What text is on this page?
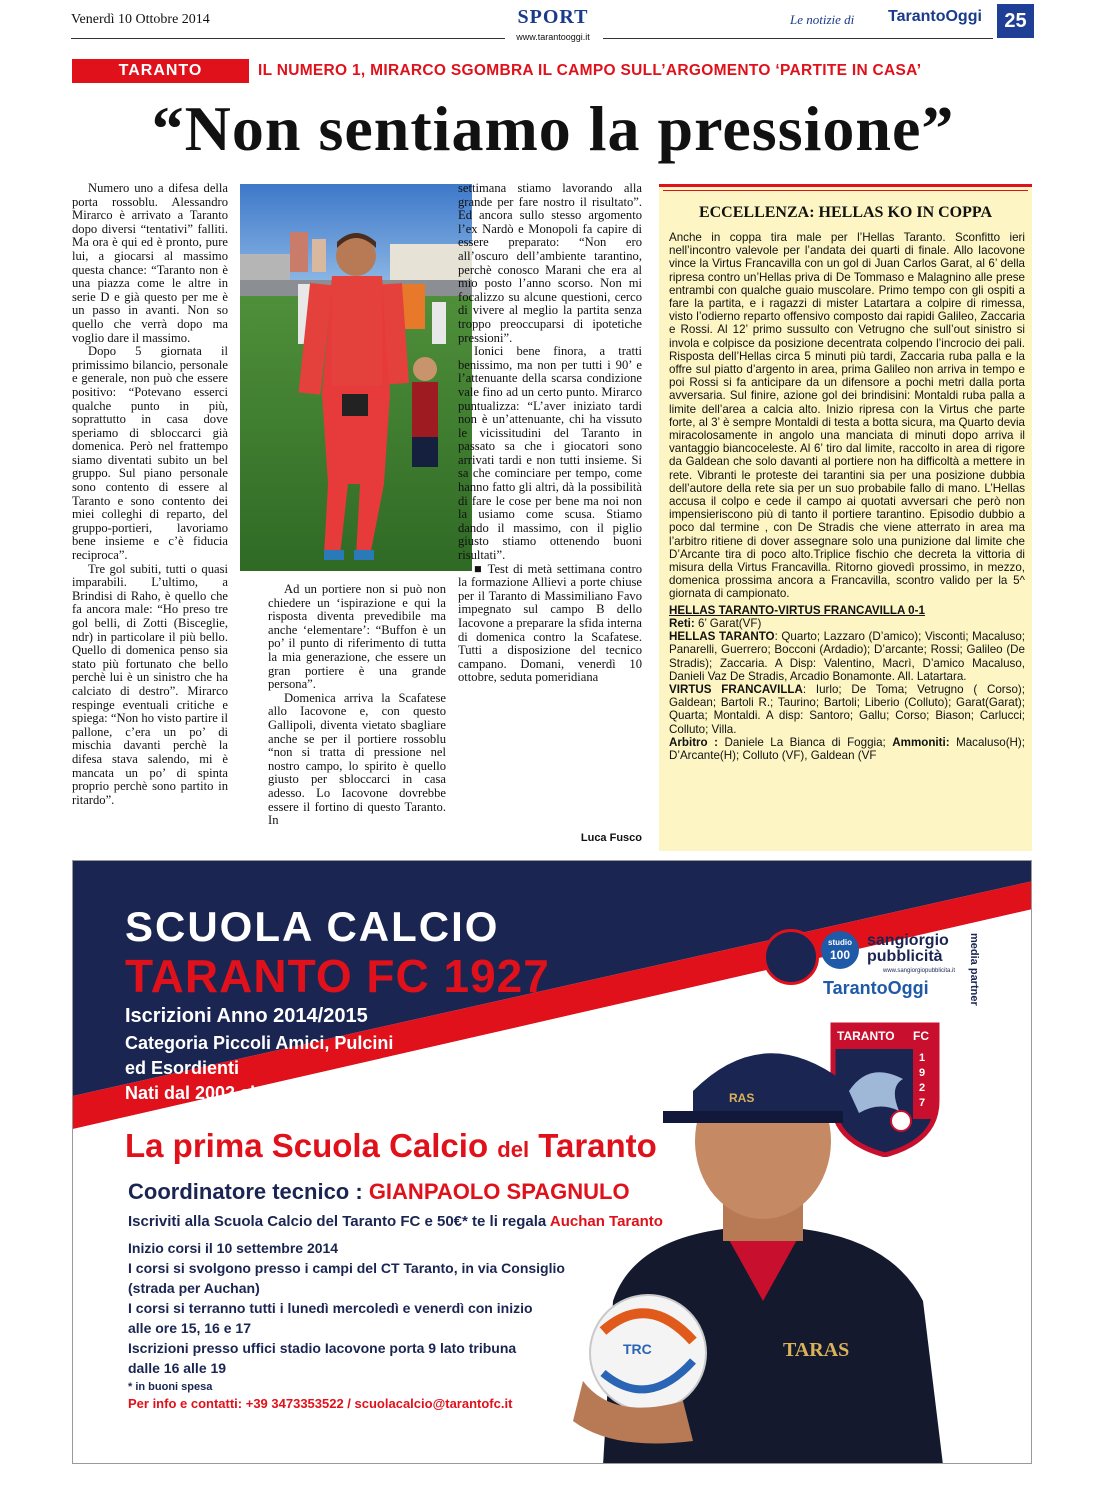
Venerdì 10 Ottobre 2014	SPORT
www.tarantooggi.it
Le notizie di TarantoOggi	25
TARANTO	IL NUMERO 1, MIRARCO SGOMBRA IL CAMPO SULL’ARGOMENTO ‘PARTITE IN CASA’
“Non sentiamo la pressione”

Numero uno a difesa della porta rossoblu. Alessandro Mirarco è arrivato a Taranto dopo diversi “tentativi” falliti. Ma ora è qui ed è pronto, pure lui, a giocarsi al massimo questa chance: “Taranto non è una piazza come le altre in serie D e già questo per me è un passo in avanti. Non so quello che verrà dopo ma voglio dare il massimo.

Dopo 5 giornata il primissimo bilancio, personale e generale, non può che essere positivo: “Potevano esserci qualche punto in più, soprattutto in casa dove speriamo di sbloccarci già domenica. Però nel frattempo siamo diventati subito un bel gruppo. Sul piano personale sono contento di essere al Taranto e sono contento dei miei colleghi di reparto, del gruppo-portieri, lavoriamo bene insieme e c’è fiducia reciproca”.

Tre gol subiti, tutti o quasi imparabili. L’ultimo, a Brindisi di Raho, è quello che fa ancora male: “Ho preso tre gol belli, di Zotti (Bisceglie, ndr) in particolare il più bello. Quello di domenica penso sia stato più fortunato che bello perchè lui è un sinistro che ha calciato di destro”. Mirarco respinge eventuali critiche e spiega: “Non ho visto partire il pallone, c’era un po’ di mischia davanti perchè la difesa stava salendo, mi è mancata un po’ di spinta proprio perchè sono partito in ritardo”.

Ad un portiere non si può non chiedere un ‘ispirazione e qui la risposta diventa prevedibile ma anche ‘elementare’: “Buffon è un po’ il punto di riferimento di tutta la mia generazione, che essere un gran portiere è una grande persona”.

Domenica arriva la Scafatese allo Iacovone e, con questo Gallipoli, diventa vietato sbagliare anche se per il portiere rossoblu “non si tratta di pressione nel nostro campo, lo spirito è quello giusto per sbloccarci in casa adesso. Lo Iacovone dovrebbe essere il fortino di questo Taranto. In

settimana stiamo lavorando alla grande per fare nostro il risultato”. Ed ancora sullo stesso argomento l’ex Nardò e Monopoli fa capire di essere preparato: “Non ero all’oscuro dell’ambiente tarantino, perchè conosco Marani che era al mio posto l’anno scorso. Non mi focalizzo su alcune questioni, cerco di vivere al meglio la partita senza troppo preoccuparsi di ipotetiche pressioni”.

Ionici bene finora, a tratti benissimo, ma non per tutti i 90’ e l’attenuante della scarsa condizione vale fino ad un certo punto. Mirarco puntualizza: “L’aver iniziato tardi non è un’attenuante, chi ha vissuto le vicissitudini del Taranto in passato sa che i giocatori sono arrivati tardi e non tutti insieme. Si sa che cominciare per tempo, come hanno fatto gli altri, dà la possibilità di fare le cose per bene ma noi non la usiamo come scusa. Stiamo dando il massimo, con il piglio giusto stiamo ottenendo buoni risultati”.

■ Test di metà settimana contro la formazione Allievi a porte chiuse per il Taranto di Massimiliano Favo impegnato sul campo B dello Iacovone a preparare la sfida interna di domenica contro la Scafatese. Tutti a disposizione del tecnico campano. Domani, venerdì 10 ottobre, seduta pomeridiana

Luca Fusco
ECCELLENZA: HELLAS KO IN COPPA

Anche in coppa tira male per l’Hellas Taranto. Sconfitto ieri nell’incontro valevole per l’andata dei quarti di finale. Allo Iacovone vince la Virtus Francavilla con un gol di Juan Carlos Garat, al 6’ della ripresa contro un’Hellas priva di De Tommaso e Malagnino alle prese entrambi con qualche guaio muscolare. Primo tempo con gli ospiti a fare la partita, e i ragazzi di mister Latartara a colpire di rimessa, visto l’odierno reparto offensivo composto dai rapidi Galileo, Zaccaria e Rossi. Al 12’ primo sussulto con Vetrugno che sull’out sinistro si invola e colpisce da posizione decentrata colpendo l’incrocio dei pali. Risposta dell’Hellas circa 5 minuti più tardi, Zaccaria ruba palla e la offre sul piatto d’argento in area, prima Galileo non arriva in tempo e poi Rossi si fa anticipare da un difensore a pochi metri dalla porta avversaria. Sul finire, azione gol dei brindisini: Montaldi ruba palla a limite dell’area a calcia alto. Inizio ripresa con la Virtus che parte forte, al 3’ è sempre Montaldi di testa a botta sicura, ma Quarto devia miracolosamente in angolo una manciata di minuti dopo arriva il vantaggio biancoceleste. Al 6’ tiro dal limite, raccolto in area di rigore da Galdean che solo davanti al portiere non ha difficoltà a mettere in rete. Vibranti le proteste dei tarantini sia per una posizione dubbia dell’autore della rete sia per un suo probabile fallo di mano. L’Hellas accusa il colpo e cede il campo ai quotati avversari che però non impensieriscono più di tanto il portiere tarantino. Episodio dubbio a poco dal termine , con De Stradis che viene atterrato in area ma l’arbitro ritiene di dover assegnare solo una punizione dal limite che D’Arcante tira di poco alto.Triplice fischio che decreta la vittoria di misura della Virtus Francavilla. Ritorno giovedì prossimo, in mezzo, domenica prossima ancora a Francavilla, scontro valido per la 5^ giornata di campionato.

HELLAS TARANTO-VIRTUS FRANCAVILLA 0-1

Reti: 6’ Garat(VF)

HELLAS TARANTO: Quarto; Lazzaro (D’amico); Visconti; Macaluso; Panarelli, Guerrero; Bocconi (Ardadio); D’arcante; Rossi; Galileo (De Stradis); Zaccaria. A Disp: Valentino, Macrì, D’amico Macaluso, Danieli Vaz De Stradis, Arcadio Bonamonte. All. Latartara.

VIRTUS FRANCAVILLA: Iurlo; De Toma; Vetrugno ( Corso); Galdean; Bartoli R.; Taurino; Bartoli; Liberio (Colluto); Garat(Garat); Quarta; Montaldi. A disp: Santoro; Gallu; Corso; Biason; Carlucci; Colluto; Villa.

Arbitro : Daniele La Bianca di Foggia; Ammoniti: Macaluso(H); D’Arcante(H); Colluto (VF), Galdean (VF

SCUOLA CALCIO
TARANTO FC 1927
Iscrizioni Anno 2014/2015
Categoria Piccoli Amici, Pulcini
ed Esordienti
Nati dal 2002 al 2009
La prima Scuola Calcio del Taranto
Coordinatore tecnico : GIANPAOLO SPAGNULO
Iscriviti alla Scuola Calcio del Taranto FC e 50€* te li regala Auchan Taranto
Inizio corsi il 10 settembre 2014
I corsi si svolgono presso i campi del CT Taranto, in via Consiglio
(strada per Auchan)
I corsi si terranno tutti i lunedì mercoledì e venerdì con inizio
alle ore 15, 16 e 17
Iscrizioni presso uffici stadio Iacovone porta 9 lato tribuna
dalle 16 alle 19
* in buoni spesa
Per info e contatti: +39 3473353522 / scuolacalcio@tarantofc.it
studio
100
sangiorgio
pubblicità
www.sangiorgiopubblicita.it
TarantoOggi	media partner
TARANTO FC
1927
RAS
TARAS
TRC
